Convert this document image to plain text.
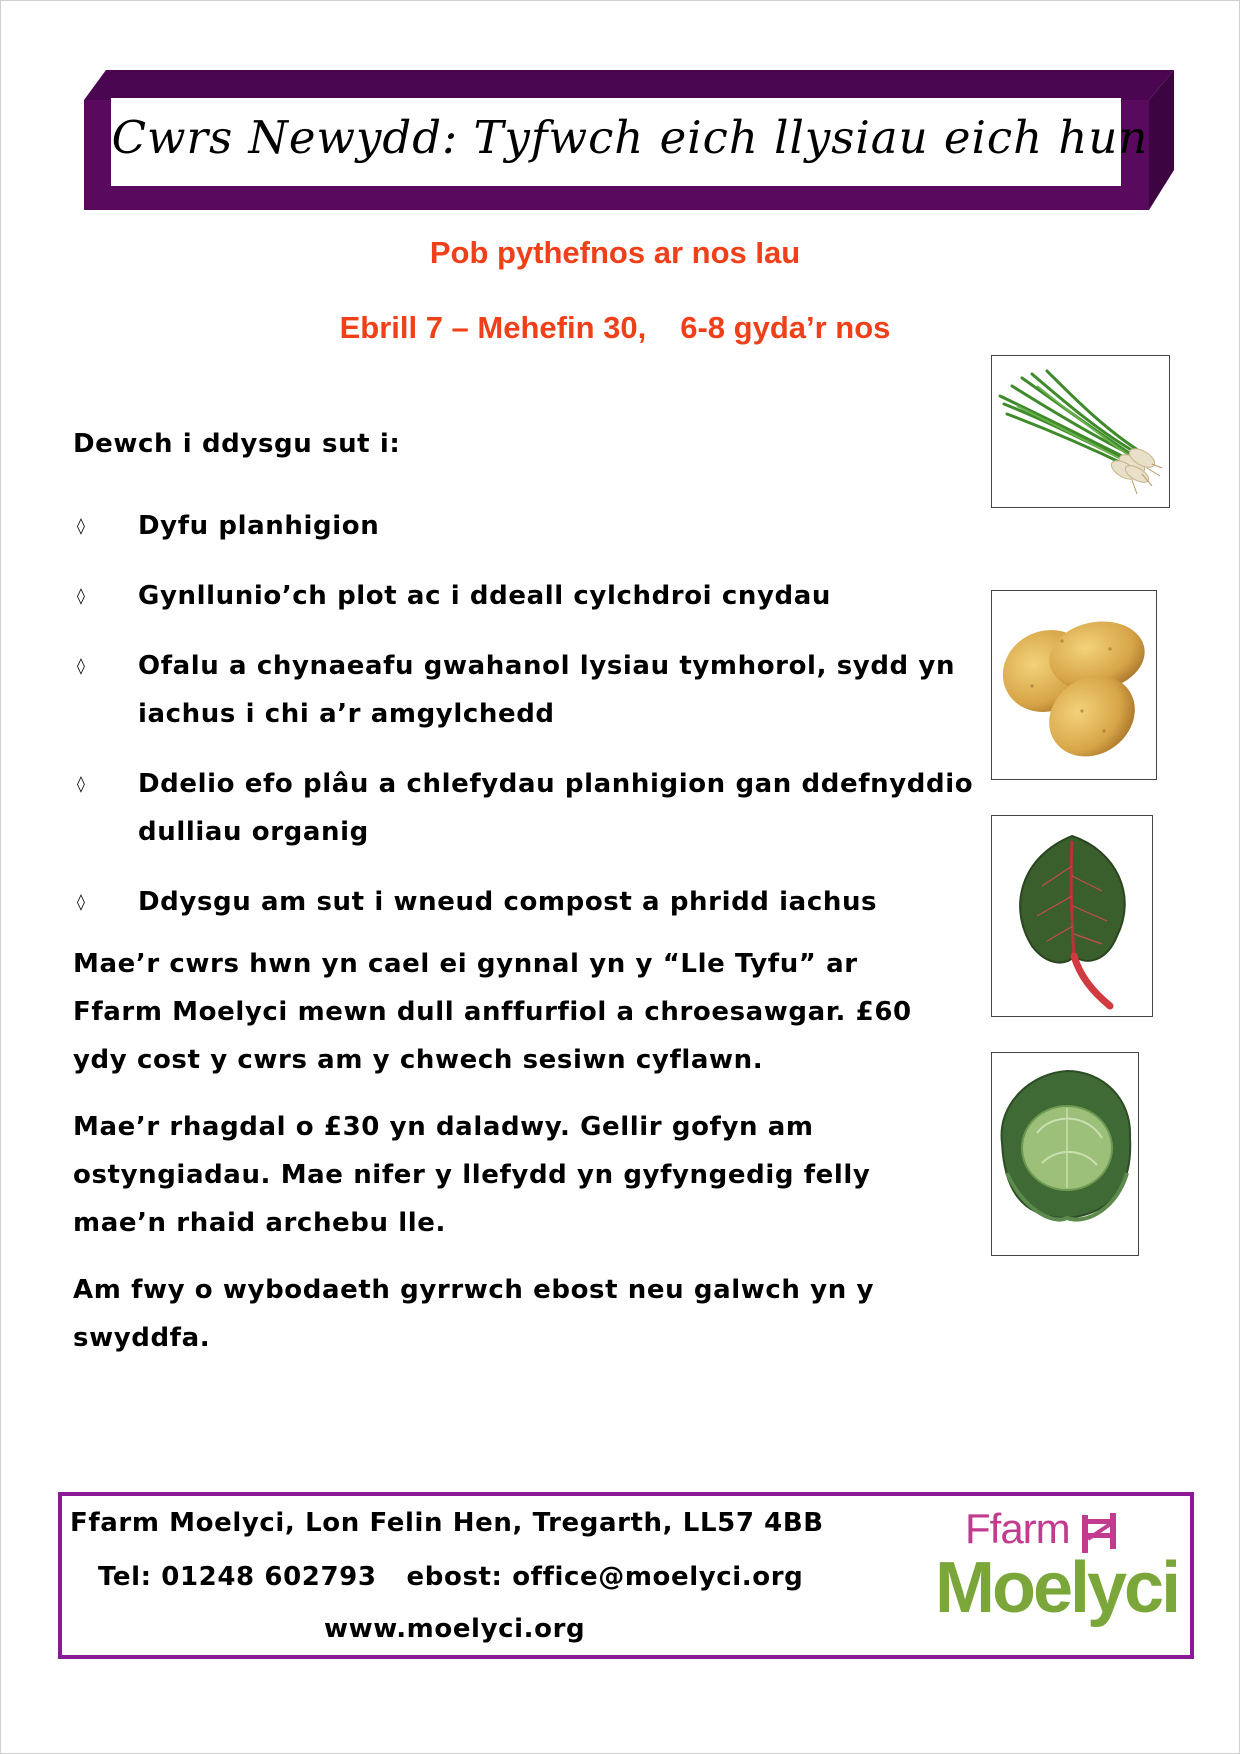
Cwrs Newydd: Tyfwch eich llysiau eich hun
Pob pythefnos ar nos Iau
Ebrill 7 – Mehefin 30, 6-8 gyda’r nos
Dewch i ddysgu sut i:
◊ Dyfu planhigion
◊ Gynllunio’ch plot ac i ddeall cylchdroi cnydau
◊ Ofalu a chynaeafu gwahanol lysiau tymhorol, sydd yn iachus i chi a’r amgylchedd
◊ Ddelio efo plâu a chlefydau planhigion gan ddefnyddio dulliau organig
◊ Ddysgu am sut i wneud compost a phridd iachus
Mae’r cwrs hwn yn cael ei gynnal yn y “Lle Tyfu” ar Ffarm Moelyci mewn dull anffurfiol a chroesawgar. £60 ydy cost y cwrs am y chwech sesiwn cyflawn.
Mae’r rhagdal o £30 yn daladwy. Gellir gofyn am ostyngiadau. Mae nifer y llefydd yn gyfyngedig felly mae’n rhaid archebu lle.
Am fwy o wybodaeth gyrrwch ebost neu galwch yn y swyddfa.
Ffarm Moelyci, Lon Felin Hen, Tregarth, LL57 4BB
Tel: 01248 602793 ebost: office@moelyci.org
www.moelyci.org
Ffarm
Moelyci
